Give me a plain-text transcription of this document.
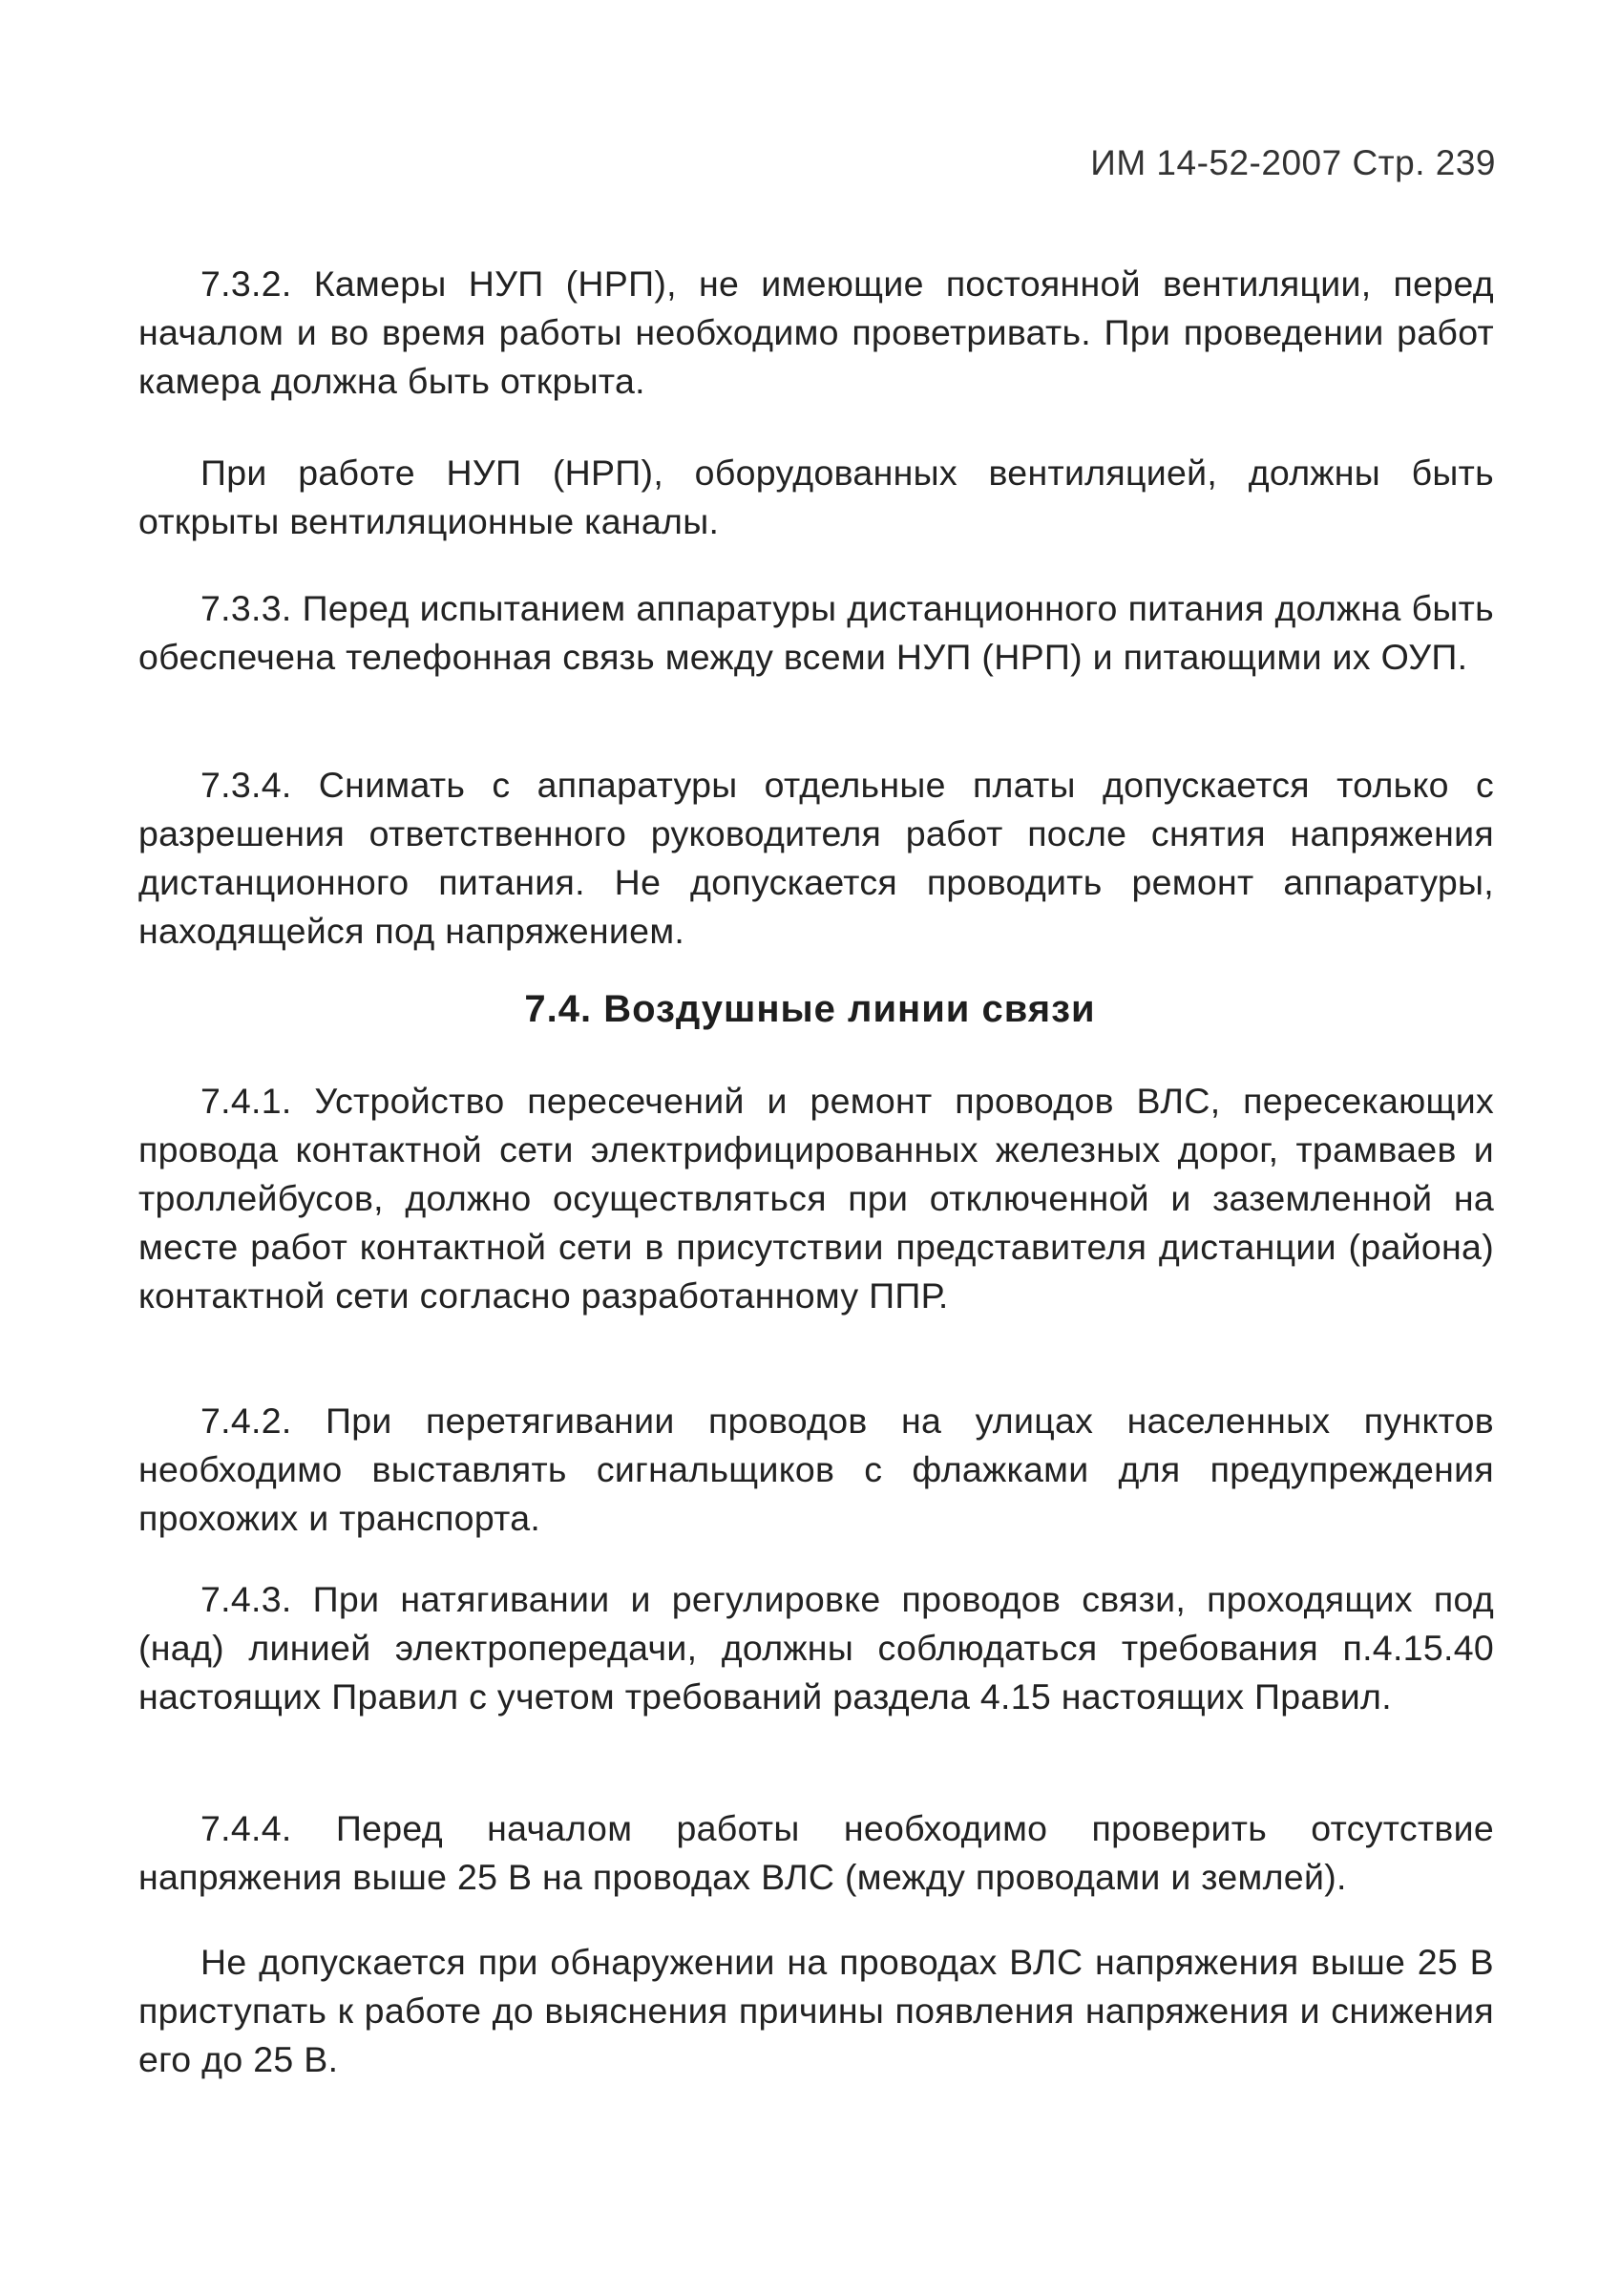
ИМ 14-52-2007 Стр. 239

7.3.2. Камеры НУП (НРП), не имеющие постоянной вентиляции, перед началом и во время работы необходимо проветривать. При проведении работ камера должна быть открыта.

При работе НУП (НРП), оборудованных вентиляцией, должны быть открыты вентиляционные каналы.

7.3.3. Перед испытанием аппаратуры дистанционного питания должна быть обеспечена телефонная связь между всеми НУП (НРП) и питающими их ОУП.

7.3.4. Снимать с аппаратуры отдельные платы допускается только с разрешения ответственного руководителя работ после снятия напряжения дистанционного питания. Не допускается проводить ремонт аппаратуры, находящейся под напряжением.

7.4. Воздушные линии связи

7.4.1. Устройство пересечений и ремонт проводов ВЛС, пересекающих провода контактной сети электрифицированных железных дорог, трамваев и троллейбусов, должно осуществляться при отключенной и заземленной на месте работ контактной сети в присутствии представителя дистанции (района) контактной сети согласно разработанному ППР.

7.4.2. При перетягивании проводов на улицах населенных пунктов необходимо выставлять сигнальщиков с флажками для предупреждения прохожих и транспорта.

7.4.3. При натягивании и регулировке проводов связи, проходящих под (над) линией электропередачи, должны соблюдаться требования п.4.15.40 настоящих Правил с учетом требований раздела 4.15 настоящих Правил.

7.4.4. Перед началом работы необходимо проверить отсутствие напряжения выше 25 В на проводах ВЛС (между проводами и землей).

Не допускается при обнаружении на проводах ВЛС напряжения выше 25 В приступать к работе до выяснения причины появления напряжения и снижения его до 25 В.
